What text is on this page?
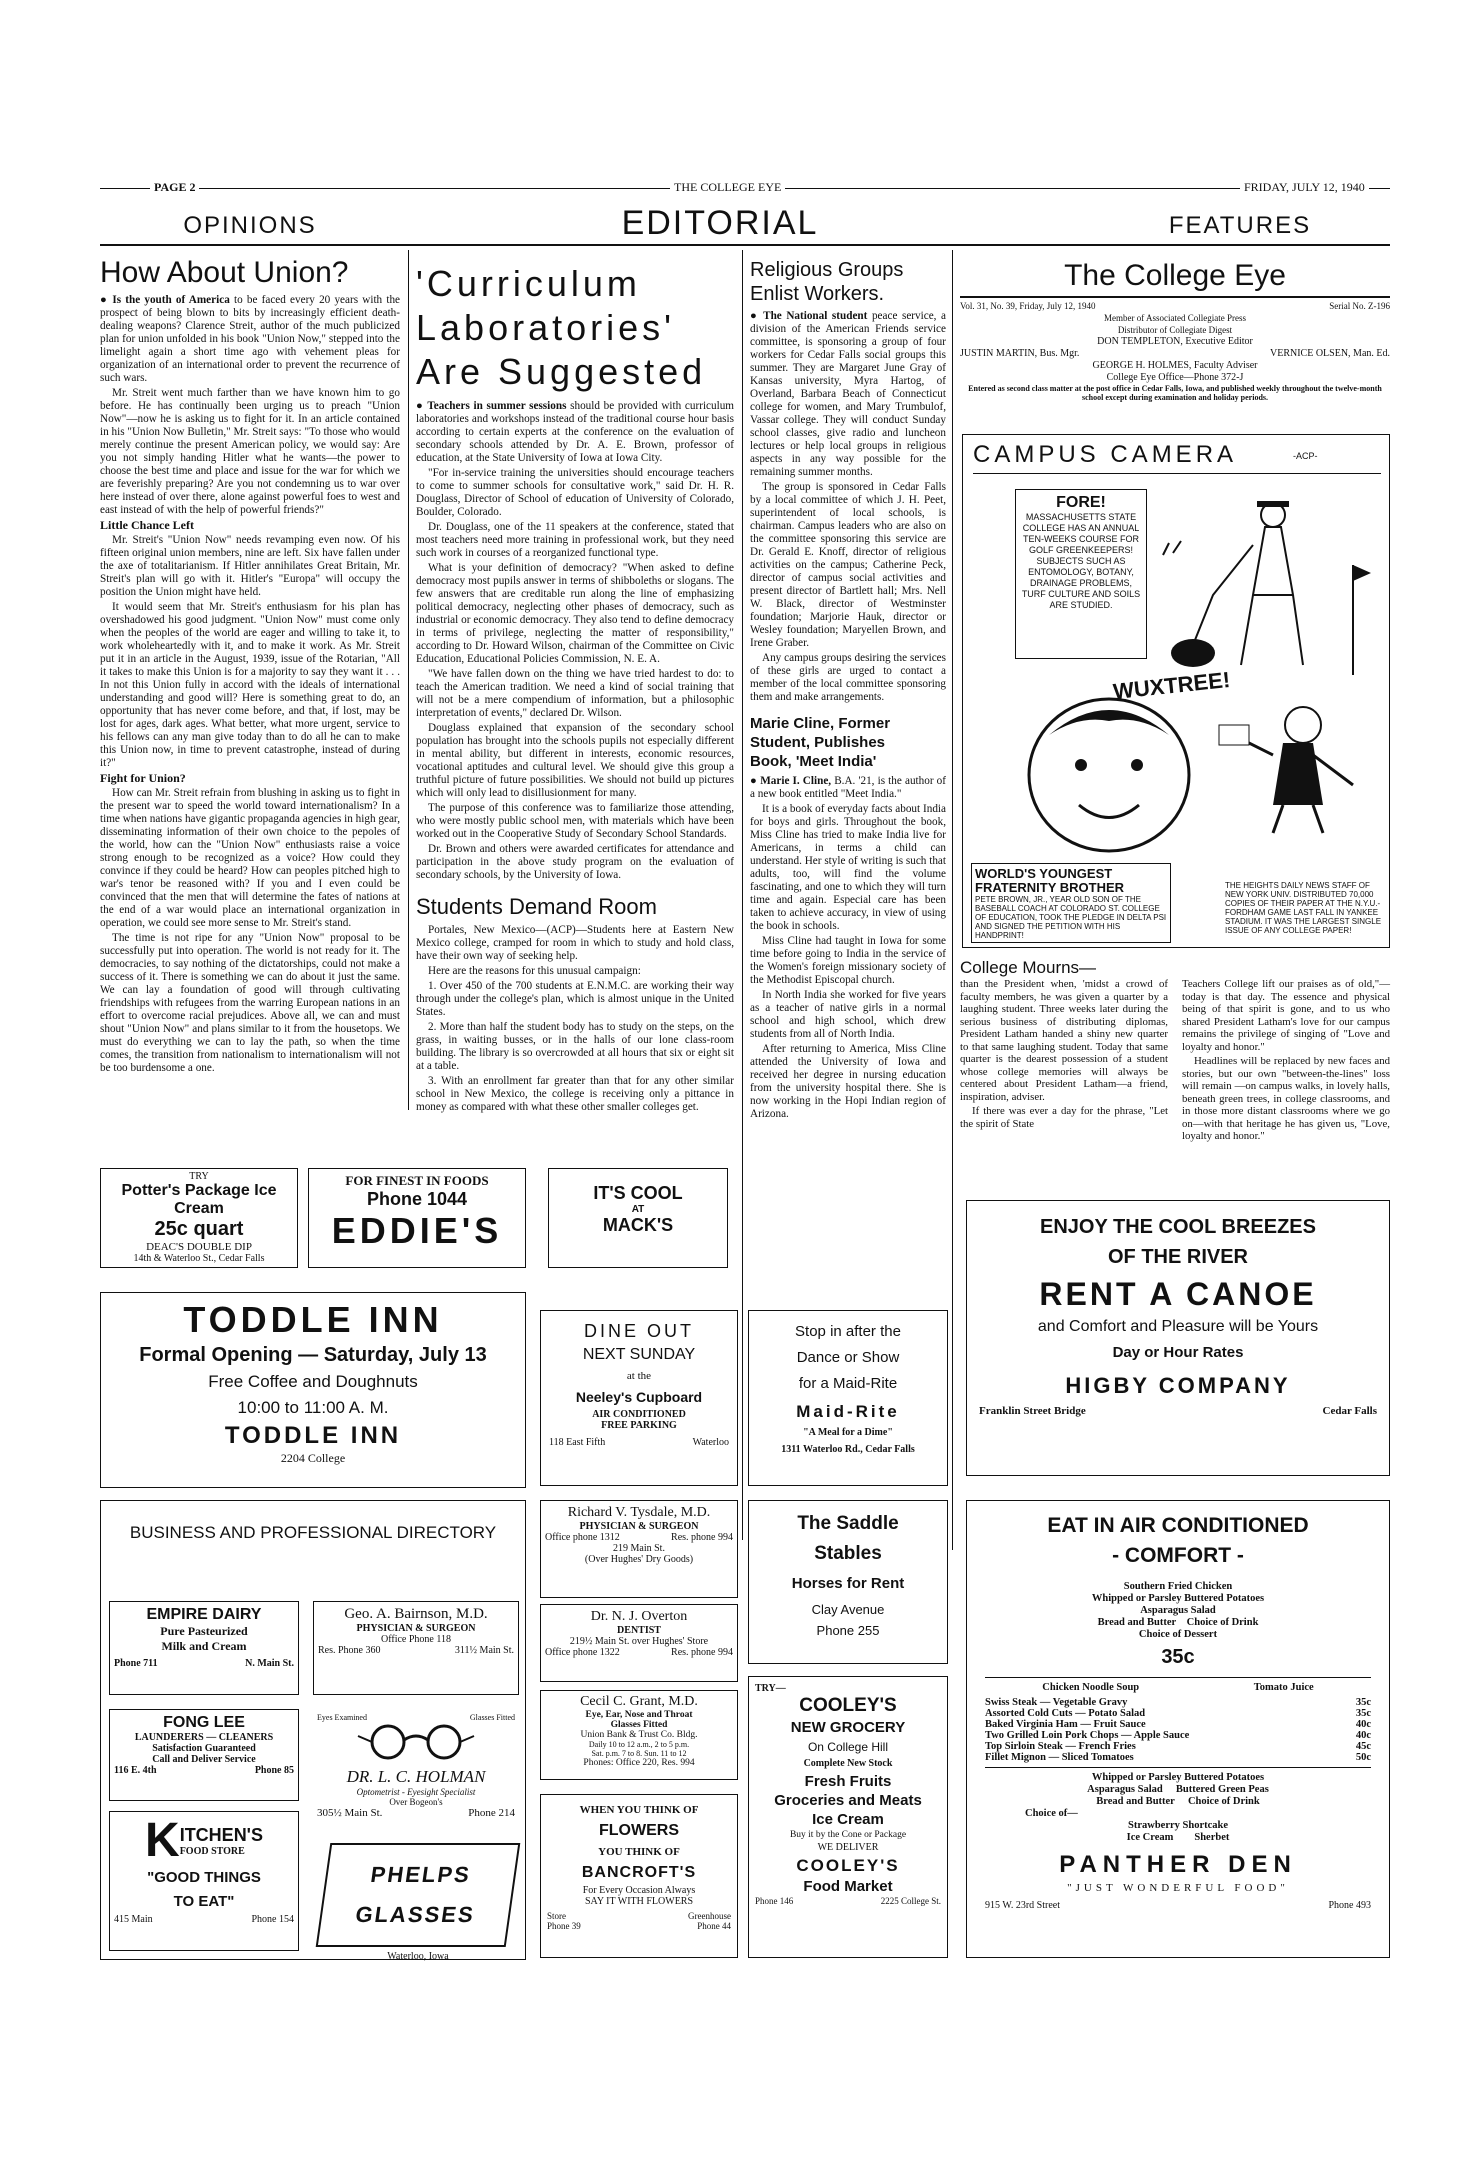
PAGE 2	THE COLLEGE EYE	FRIDAY, JULY 12, 1940
OPINIONS	EDITORIAL	FEATURES
How About Union?

● Is the youth of America to be faced every 20 years with the prospect of being blown to bits by increasingly efficient death-dealing weapons? Clarence Streit, author of the much publicized plan for union unfolded in his book "Union Now," stepped into the limelight again a short time ago with vehement pleas for organization of an international order to prevent the recurrence of such wars.

Mr. Streit went much farther than we have known him to go before. He has continually been urging us to preach "Union Now"—now he is asking us to fight for it. In an article contained in his "Union Now Bulletin," Mr. Streit says: "To those who would merely continue the present American policy, we would say: Are you not simply handing Hitler what he wants—the power to choose the best time and place and issue for the war for which we are feverishly preparing? Are you not condemning us to war over here instead of over there, alone against powerful foes to west and east instead of with the help of powerful friends?"

Little Chance Left

Mr. Streit's "Union Now" needs revamping even now. Of his fifteen original union members, nine are left. Six have fallen under the axe of totalitarianism. If Hitler annihilates Great Britain, Mr. Streit's plan will go with it. Hitler's "Europa" will occupy the position the Union might have held.

It would seem that Mr. Streit's enthusiasm for his plan has overshadowed his good judgment. "Union Now" must come only when the peoples of the world are eager and willing to take it, to work wholeheartedly with it, and to make it work. As Mr. Streit put it in an article in the August, 1939, issue of the Rotarian, "All it takes to make this Union is for a majority to say they want it . . . In not this Union fully in accord with the ideals of international understanding and good will? Here is something great to do, an opportunity that has never come before, and that, if lost, may be lost for ages, dark ages. What better, what more urgent, service to his fellows can any man give today than to do all he can to make this Union now, in time to prevent catastrophe, instead of during it?"

Fight for Union?

How can Mr. Streit refrain from blushing in asking us to fight in the present war to speed the world toward internationalism? In a time when nations have gigantic propaganda agencies in high gear, disseminating information of their own choice to the pepoles of the world, how can the "Union Now" enthusiasts raise a voice strong enough to be recognized as a voice? How could they convince if they could be heard? How can peoples pitched high to war's tenor be reasoned with? If you and I even could be convinced that the men that will determine the fates of nations at the end of a war would place an international organization in operation, we could see more sense to Mr. Streit's stand.

The time is not ripe for any "Union Now" proposal to be successfully put into operation. The world is not ready for it. The democracies, to say nothing of the dictatorships, could not make a success of it. There is something we can do about it just the same. We can lay a foundation of good will through cultivating friendships with refugees from the warring European nations in an effort to overcome racial prejudices. Above all, we can and must shout "Union Now" and plans similar to it from the housetops. We must do everything we can to lay the path, so when the time comes, the transition from nationalism to internationalism will not be too burdensome a one.

'Curriculum
Laboratories'
Are Suggested

● Teachers in summer sessions should be provided with curriculum laboratories and workshops instead of the traditional course hour basis according to certain experts at the conference on the evaluation of secondary schools attended by Dr. A. E. Brown, professor of education, at the State University of Iowa at Iowa City.

"For in-service training the universities should encourage teachers to come to summer schools for consultative work," said Dr. H. R. Douglass, Director of School of education of University of Colorado, Boulder, Colorado.

Dr. Douglass, one of the 11 speakers at the conference, stated that most teachers need more training in professional work, but they need such work in courses of a reorganized functional type.

What is your definition of democracy? "When asked to define democracy most pupils answer in terms of shibboleths or slogans. The few answers that are creditable run along the line of emphasizing political democracy, neglecting other phases of democracy, such as industrial or economic democracy. They also tend to define democracy in terms of privilege, neglecting the matter of responsibility," according to Dr. Howard Wilson, chairman of the Committee on Civic Education, Educational Policies Commission, N. E. A.

"We have fallen down on the thing we have tried hardest to do: to teach the American tradition. We need a kind of social training that will not be a mere compendium of information, but a philosophic interpretation of events," declared Dr. Wilson.

Douglass explained that expansion of the secondary school population has brought into the schools pupils not especially different in mental ability, but different in interests, economic resources, vocational aptitudes and cultural level. We should give this group a truthful picture of future possibilities. We should not build up pictures which will only lead to disillusionment for many.

The purpose of this conference was to familiarize those attending, who were mostly public school men, with materials which have been worked out in the Cooperative Study of Secondary School Standards.

Dr. Brown and others were awarded certificates for attendance and participation in the above study program on the evaluation of secondary schools, by the University of Iowa.

Students Demand Room

Portales, New Mexico—(ACP)—Students here at Eastern New Mexico college, cramped for room in which to study and hold class, have their own way of seeking help.

Here are the reasons for this unusual campaign:

1. Over 450 of the 700 students at E.N.M.C. are working their way through under the college's plan, which is almost unique in the United States.

2. More than half the student body has to study on the steps, on the grass, in waiting busses, or in the halls of our lone class-room building. The library is so overcrowded at all hours that six or eight sit at a table.

3. With an enrollment far greater than that for any other similar school in New Mexico, the college is receiving only a pittance in money as compared with what these other smaller colleges get.

Religious Groups
Enlist Workers.

● The National student peace service, a division of the American Friends service committee, is sponsoring a group of four workers for Cedar Falls social groups this summer. They are Margaret June Gray of Kansas university, Myra Hartog, of Overland, Barbara Beach of Connecticut college for women, and Mary Trumbulof, Vassar college. They will conduct Sunday school classes, give radio and luncheon lectures or help local groups in religious aspects in any way possible for the remaining summer months.

The group is sponsored in Cedar Falls by a local committee of which J. H. Peet, superintendent of local schools, is chairman. Campus leaders who are also on the committee sponsoring this service are Dr. Gerald E. Knoff, director of religious activities on the campus; Catherine Peck, director of campus social activities and present director of Bartlett hall; Mrs. Nell W. Black, director of Westminster foundation; Marjorie Hauk, director or Wesley foundation; Maryellen Brown, and Irene Graber.

Any campus groups desiring the services of these girls are urged to contact a member of the local committee sponsoring them and make arrangements.

Marie Cline, Former
Student, Publishes
Book, 'Meet India'

● Marie I. Cline, B.A. '21, is the author of a new book entitled "Meet India."

It is a book of everyday facts about India for boys and girls. Throughout the book, Miss Cline has tried to make India live for Americans, in terms a child can understand. Her style of writing is such that adults, too, will find the volume fascinating, and one to which they will turn time and again. Especial care has been taken to achieve accuracy, in view of using the book in schools.

Miss Cline had taught in Iowa for some time before going to India in the service of the Women's foreign missionary society of the Methodist Episcopal church.

In North India she worked for five years as a teacher of native girls in a normal school and high school, which drew students from all of North India.

After returning to America, Miss Cline attended the University of Iowa and received her degree in nursing education from the university hospital there. She is now working in the Hopi Indian region of Arizona.

The College Eye
Vol. 31, No. 39, Friday, July 12, 1940	Serial No. Z-196
Member of Associated Collegiate Press
Distributor of Collegiate Digest
DON TEMPLETON, Executive Editor
JUSTIN MARTIN, Bus. Mgr.	VERNICE OLSEN, Man. Ed.
GEORGE H. HOLMES, Faculty Adviser
College Eye Office—Phone 372-J
Entered as second class matter at the post office in Cedar Falls, Iowa, and published weekly throughout the twelve-month school except during examination and holiday periods.
CAMPUS CAMERA	-ACP-
FORE!
MASSACHUSETTS STATE COLLEGE HAS AN ANNUAL TEN-WEEKS COURSE FOR GOLF GREENKEEPERS! SUBJECTS SUCH AS ENTOMOLOGY, BOTANY, DRAINAGE PROBLEMS, TURF CULTURE AND SOILS ARE STUDIED.
WUXTREE!
WORLD'S YOUNGEST FRATERNITY BROTHER
PETE BROWN, JR., YEAR OLD SON OF THE BASEBALL COACH AT COLORADO ST. COLLEGE OF EDUCATION, TOOK THE PLEDGE IN DELTA PSI AND SIGNED THE PETITION WITH HIS HANDPRINT!
THE HEIGHTS DAILY NEWS STAFF OF NEW YORK UNIV. DISTRIBUTED 70,000 COPIES OF THEIR PAPER AT THE N.Y.U.-FORDHAM GAME LAST FALL IN YANKEE STADIUM. IT WAS THE LARGEST SINGLE ISSUE OF ANY COLLEGE PAPER!
College Mourns—

than the President when, 'midst a crowd of faculty members, he was given a quarter by a laughing student. Three weeks later during the serious business of distributing diplomas, President Latham handed a shiny new quarter to that same laughing student. Today that same quarter is the dearest possession of a student whose college memories will always be centered about President Latham—a friend, inspiration, adviser.

If there was ever a day for the phrase, "Let the spirit of State

Teachers College lift our praises as of old,"—today is that day. The essence and physical being of that spirit is gone, and to us who shared President Latham's love for our campus remains the privilege of singing of "Love and loyalty and honor."

Headlines will be replaced by new faces and stories, but our own "between-the-lines" loss will remain —on campus walks, in lovely halls, beneath green trees, in college classrooms, and in those more distant classrooms where we go on—with that heritage he has given us, "Love, loyalty and honor."

TRY
Potter's Package Ice Cream
25c quart
DEAC'S DOUBLE DIP
14th & Waterloo St., Cedar Falls
FOR FINEST IN FOODS
Phone 1044
EDDIE'S
IT'S COOL
AT
MACK'S	ENJOY THE COOL BREEZES
OF THE RIVER
RENT A CANOE
and Comfort and Pleasure will be Yours
Day or Hour Rates
HIGBY COMPANY
Franklin Street Bridge	Cedar Falls
TODDLE INN
Formal Opening — Saturday, July 13
Free Coffee and Doughnuts
10:00 to 11:00 A. M.
TODDLE INN
2204 College
DINE OUT
NEXT SUNDAY
at the
Neeley's Cupboard
AIR CONDITIONED
FREE PARKING
118 East Fifth	Waterloo
Stop in after the
Dance or Show
for a Maid-Rite
Maid-Rite
"A Meal for a Dime"
1311 Waterloo Rd., Cedar Falls
BUSINESS AND PROFESSIONAL DIRECTORY
EMPIRE DAIRY
Pure Pasteurized
Milk and Cream
Phone 711	N. Main St.
Geo. A. Bairnson, M.D.
PHYSICIAN & SURGEON
Office Phone 118
Res. Phone 360	311½ Main St.
FONG LEE
LAUNDERERS — CLEANERS
Satisfaction Guaranteed
Call and Deliver Service
116 E. 4th	Phone 85
Eyes Examined	Glasses Fitted
DR. L. C. HOLMAN
Optometrist - Eyesight Specialist
Over Bogeon's
305½ Main St.	Phone 214
K ITCHEN'S
FOOD STORE
"GOOD THINGS
TO EAT"
415 Main	Phone 154
PHELPS GLASSES
Waterloo, Iowa
Richard V. Tysdale, M.D.
PHYSICIAN & SURGEON
Office phone 1312	Res. phone 994
219 Main St.
(Over Hughes' Dry Goods)
Dr. N. J. Overton
DENTIST
219½ Main St. over Hughes' Store
Office phone 1322	Res. phone 994
Cecil C. Grant, M.D.
Eye, Ear, Nose and Throat
Glasses Fitted
Union Bank & Trust Co. Bldg.
Daily 10 to 12 a.m., 2 to 5 p.m.
Sat. p.m. 7 to 8. Sun. 11 to 12
Phones: Office 220, Res. 994
WHEN YOU THINK OF
FLOWERS
YOU THINK OF
BANCROFT'S
For Every Occasion Always
SAY IT WITH FLOWERS
Store	Greenhouse
Phone 39	Phone 44
The Saddle
Stables
Horses for Rent
Clay Avenue
Phone 255
TRY—
COOLEY'S
NEW GROCERY
On College Hill
Complete New Stock
Fresh Fruits
Groceries and Meats
Ice Cream
Buy it by the Cone or Package
WE DELIVER
COOLEY'S
Food Market
Phone 146	2225 College St.
EAT IN AIR CONDITIONED
- COMFORT -
Southern Fried Chicken
Whipped or Parsley Buttered Potatoes
Asparagus Salad
Bread and Butter Choice of Drink
Choice of Dessert
35c
Chicken Noodle Soup	Tomato Juice
Swiss Steak — Vegetable Gravy	35c
Assorted Cold Cuts — Potato Salad	35c
Baked Virginia Ham — Fruit Sauce	40c
Two Grilled Loin Pork Chops — Apple Sauce	40c
Top Sirloin Steak — French Fries	45c
Fillet Mignon — Sliced Tomatoes	50c
Whipped or Parsley Buttered Potatoes
Asparagus Salad Buttered Green Peas
Bread and Butter Choice of Drink
Choice of—
Strawberry Shortcake
Ice Cream Sherbet
PANTHER DEN
"JUST WONDERFUL FOOD"
915 W. 23rd Street	Phone 493
